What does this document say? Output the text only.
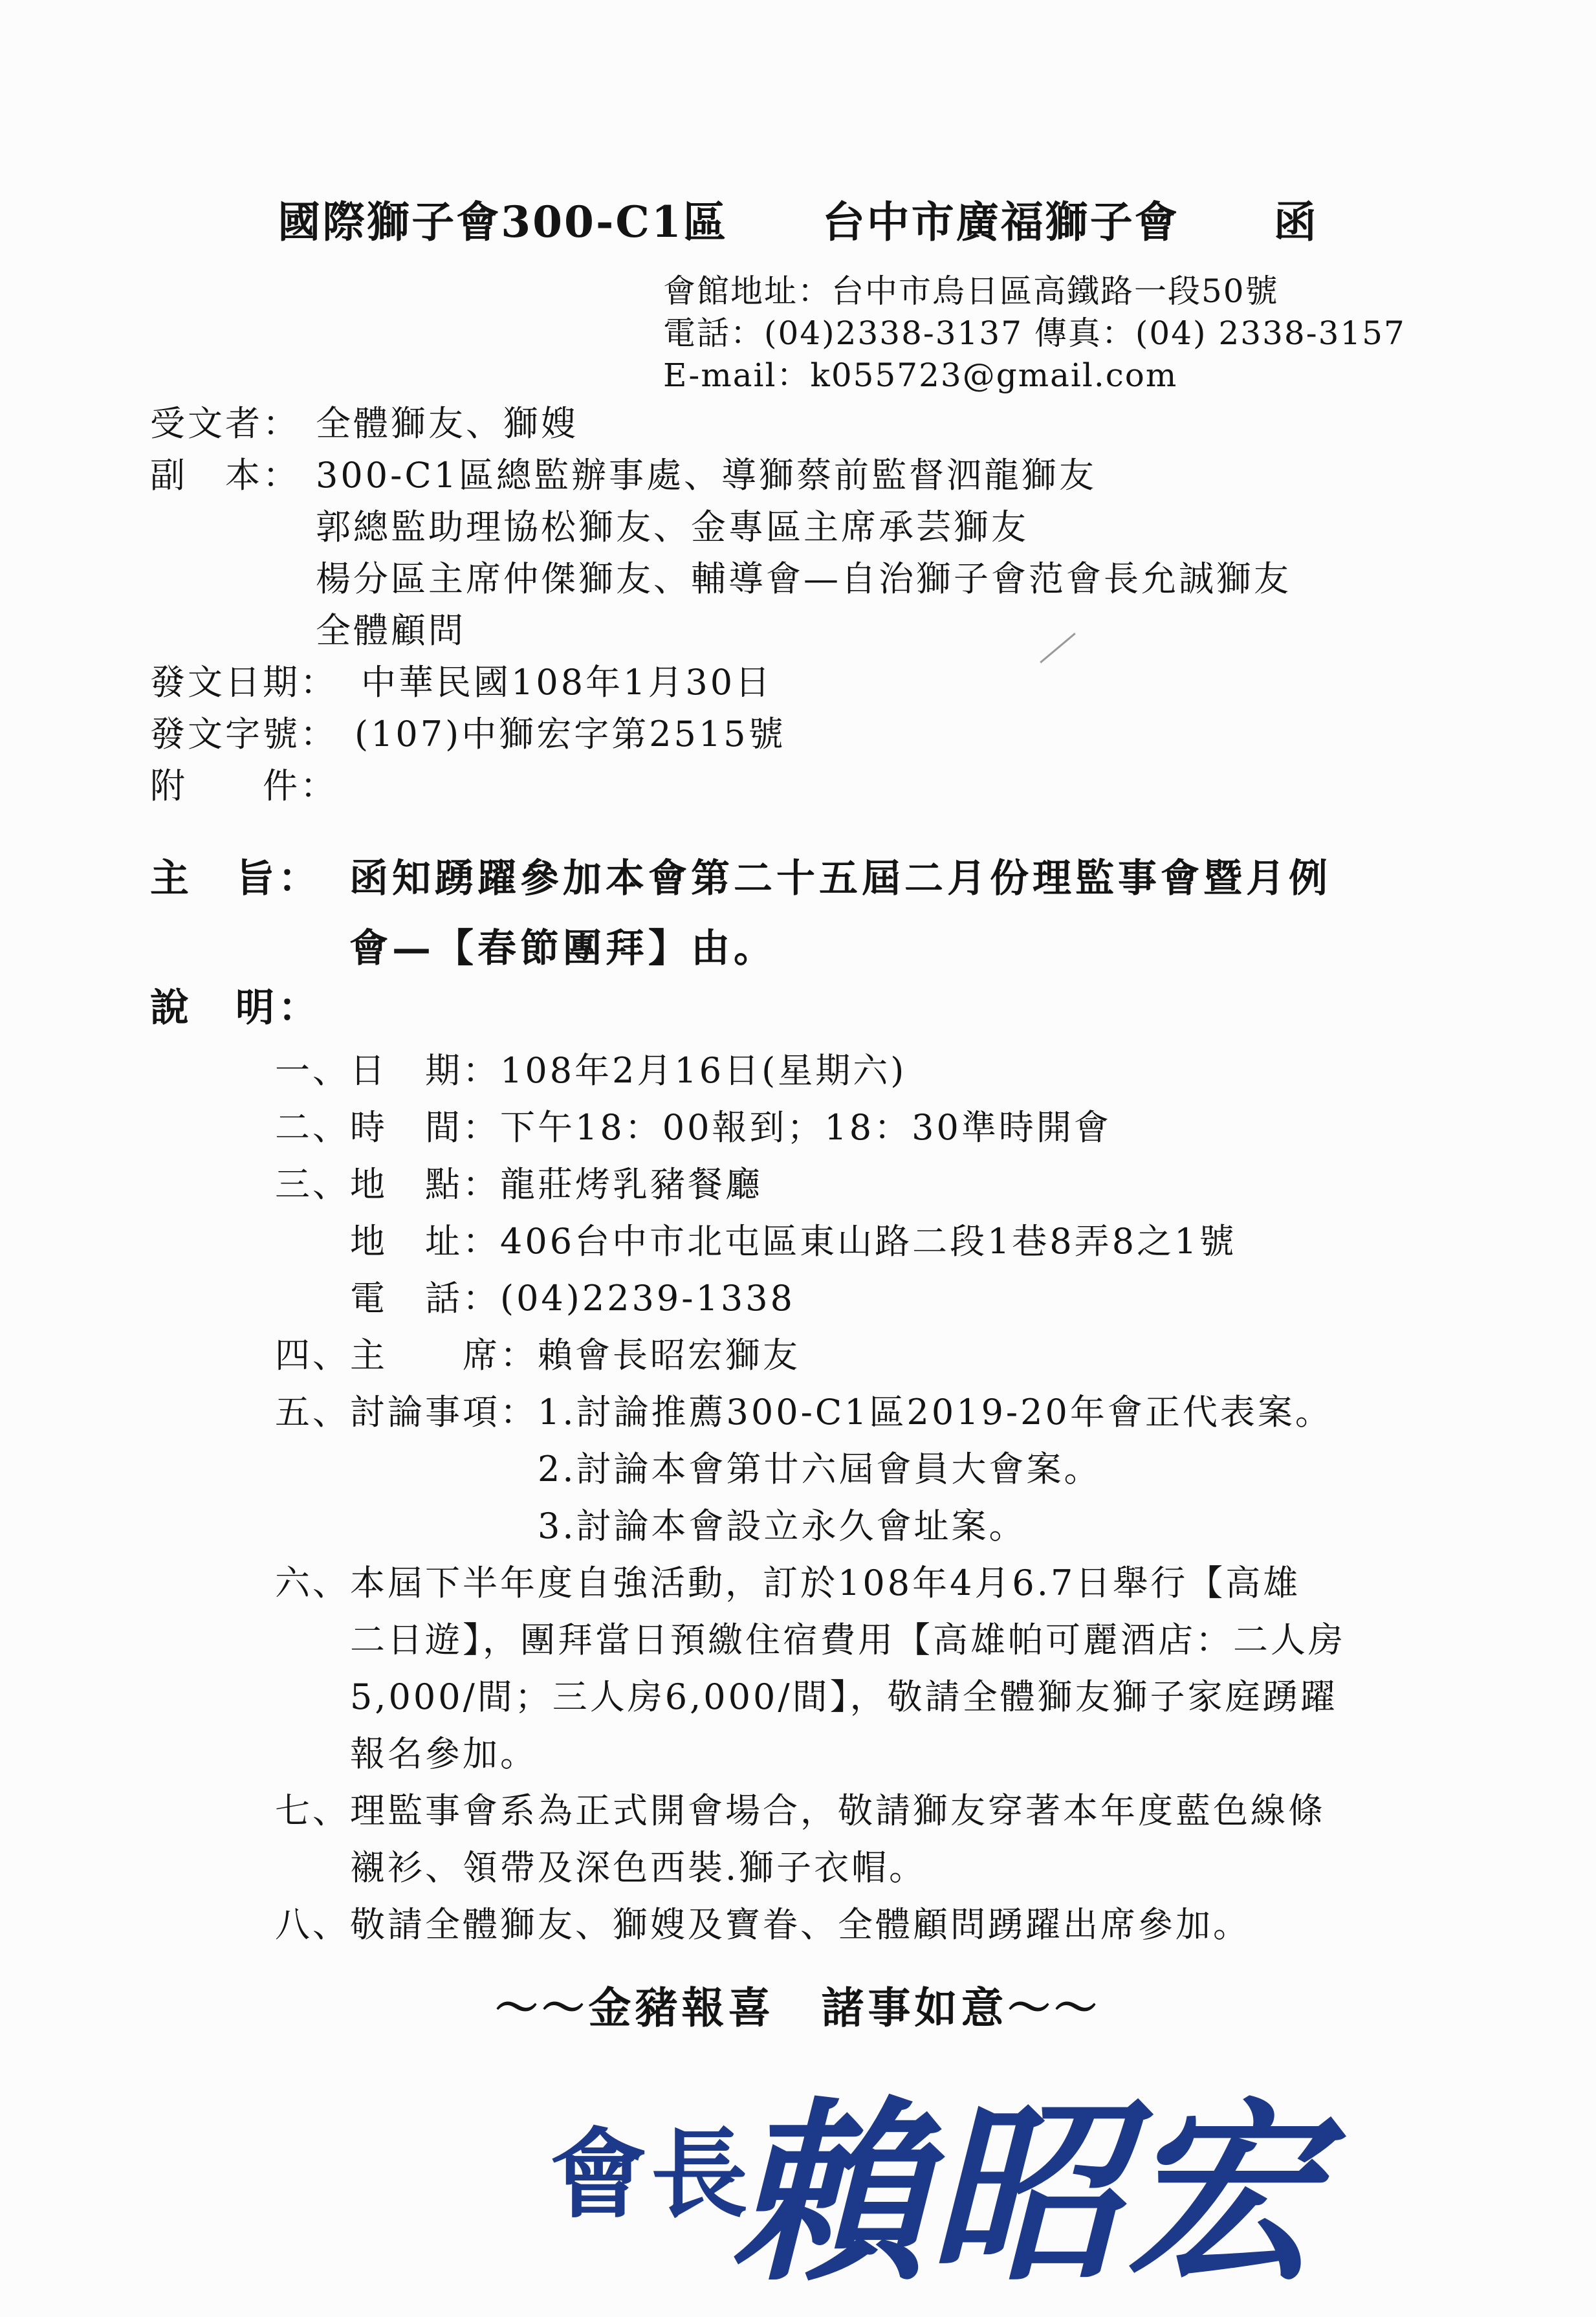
國際獅子會300-C1區 台中市廣福獅子會 函
會館地址：台中市烏日區高鐵路一段50號
電話：(04)2338-3137 傳真：(04) 2338-3157
E-mail：k055723@gmail.com
受文者： 全體獅友、獅嫂
副　本： 300-C1區總監辦事處、導獅蔡前監督泗龍獅友
郭總監助理協松獅友、金專區主席承芸獅友
楊分區主席仲傑獅友、輔導會—自治獅子會范會長允誠獅友
全體顧問
發文日期： 中華民國108年1月30日
發文字號： (107)中獅宏字第2515號
附　　件：
主　旨： 函知踴躍參加本會第二十五屆二月份理監事會暨月例
會—【春節團拜】由。
說　明：
一、日　期：108年2月16日(星期六)
二、時　間：下午18：00報到；18：30準時開會
三、地　點：龍莊烤乳豬餐廳
　　地　址：406台中市北屯區東山路二段1巷8弄8之1號
　　電　話：(04)2239-1338
四、主　　席：賴會長昭宏獅友
五、討論事項：1.討論推薦300-C1區2019-20年會正代表案。
　　　　　　　2.討論本會第廿六屆會員大會案。
　　　　　　　3.討論本會設立永久會址案。
六、本屆下半年度自強活動，訂於108年4月6.7日舉行【高雄
　　二日遊】，團拜當日預繳住宿費用【高雄帕可麗酒店：二人房
　　5,000/間；三人房6,000/間】，敬請全體獅友獅子家庭踴躍
　　報名參加。
七、理監事會系為正式開會場合，敬請獅友穿著本年度藍色線條
　　襯衫、領帶及深色西裝.獅子衣帽。
八、敬請全體獅友、獅嫂及寶眷、全體顧問踴躍出席參加。
～～金豬報喜　諸事如意～～
會長
賴昭宏
